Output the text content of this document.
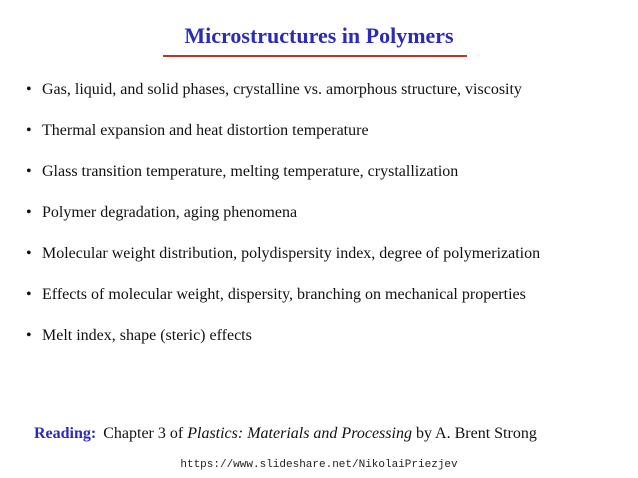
Microstructures in Polymers
• Gas, liquid, and solid phases, crystalline vs. amorphous structure, viscosity
• Thermal expansion and heat distortion temperature
• Glass transition temperature, melting temperature, crystallization
• Polymer degradation, aging phenomena
• Molecular weight distribution, polydispersity index, degree of polymerization
• Effects of molecular weight, dispersity, branching on mechanical properties
• Melt index, shape (steric) effects
Reading: Chapter 3 of Plastics: Materials and Processing by A. Brent Strong
https://www.slideshare.net/NikolaiPriezjev
